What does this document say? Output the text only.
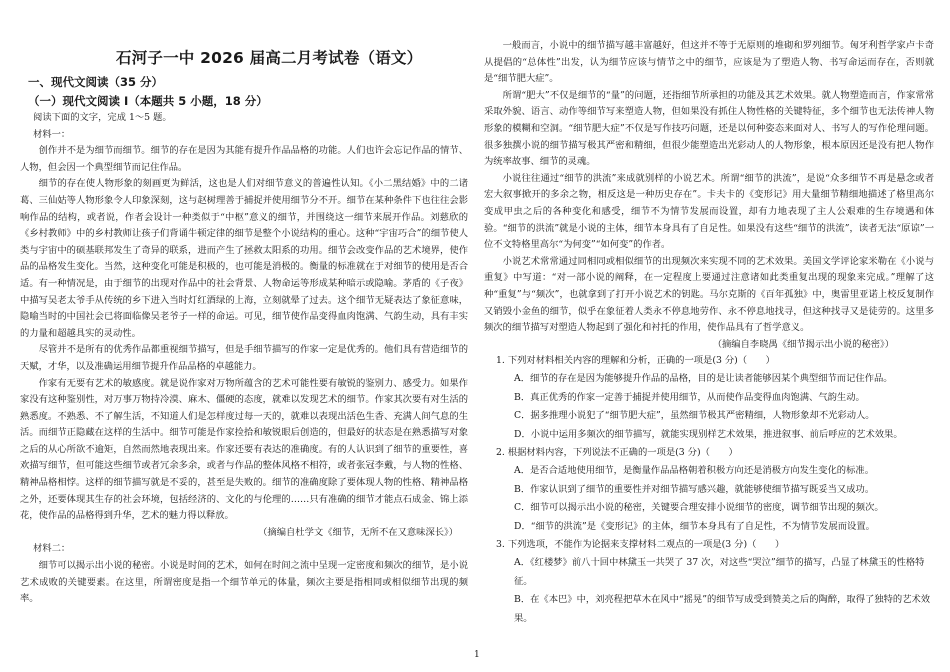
石河子一中 2026 届高二月考试卷（语文）
一、现代文阅读（35 分）
（一）现代文阅读 I（本题共 5 小题，18 分）

阅读下面的文字，完成 1～5 题。

材料一：

创作并不是为细节而细节。细节的存在是因为其能有提升作品品格的功能。人们也许会忘记作品的情节、人物，但会因一个典型细节而记住作品。

细节的存在使人物形象的刻画更为鲜活，这也是人们对细节意义的普遍性认知。《小二黑结婚》中的二诸葛、三仙姑等人物形象令人印象深刻，这与赵树理善于捕捉并使用细节分不开。细节在某种条件下也往往会影响作品的结构，或者说，作者会设计一种类似于“中枢”意义的细节，并围绕这一细节来展开作品。刘慈欣的《乡村教师》中的乡村教师让孩子们背诵牛顿定律的细节是整个小说结构的重心。这种“宇宙巧合”的细节使人类与宇宙中的硕基联邦发生了奇异的联系，进而产生了拯救太阳系的功用。细节会改变作品的艺术境界，使作品的品格发生变化。当然，这种变化可能是积极的，也可能是消极的。衡量的标准就在于对细节的使用是否合适。有一种情况是，由于细节的出现对作品中的社会背景、人物命运等形成某种暗示或隐喻。茅盾的《子夜》中描写吴老太爷手从传统的乡下进入当时灯红酒绿的上海，立刻就晕了过去。这个细节无疑表达了象征意味，隐喻当时的中国社会已将面临像吴老爷子一样的命运。可见，细节使作品变得血肉饱满、气韵生动，具有丰实的力量和超越具实的灵动性。

尽管并不是所有的优秀作品都重视细节描写，但是手细节描写的作家一定是优秀的。他们具有营造细节的天赋，才华，以及准确运用细节提升作品品格的卓越能力。

作家有无要有艺术的敏感度。就是说作家对万物所蕴含的艺术可能性要有敏锐的鉴别力、感受力。如果作家没有这种鉴别性，对万事万物持冷漠、麻木、僵硬的态度，就难以发现艺术的细节。作家其次要有对生活的熟悉度。不熟悉、不了解生活，不知道人们是怎样度过每一天的，就难以表现出活色生香、充满人间气息的生活。而细节正隐藏在这样的生活中。细节可能是作家捡拾和敏锐眼后创造的，但最好的状态是在熟悉描写对象之后的从心所欲不逾矩，自然而然地表现出来。作家还要有表达的准确度。有的人认识到了细节的重要性，喜欢描写细节，但可能这些细节或者冗余多余，或者与作品的整体风格不相符，或者张冠李戴，与人物的性格、精神品格相悖。这样的细节描写就是不妥的，甚至是失败的。细节的准确度除了要体现人物的性格、精神品格之外，还要体现其生存的社会环境，包括经济的、文化的与伦理的……只有准确的细节才能点石成金、锦上添花，使作品的品格得到升华，艺术的魅力得以释放。

（摘编自杜学文《细节，无所不在又意味深长》）

材料二：

细节可以揭示出小说的秘密。小说是时间的艺术，如何在时间之流中呈现一定密度和频次的细节，是小说艺术成败的关键要素。在这里，所谓密度是指一个细节单元的体量，频次主要是指相同或相似细节出现的频率。

一般而言，小说中的细节描写越丰富越好，但这并不等于无原则的堆砌和罗列细节。匈牙利哲学家卢卡奇从提倡的“总体性”出发，认为细节应该与情节之中的细节，应该是为了塑造人物、书写命运而存在，否则就是“细节肥大症”。

所谓“肥大”不仅是细节的“量”的问题，还指细节所承担的功能及其艺术效果。就人物塑造而言，作家常常采取外貌、语言、动作等细节写来塑造人物，但如果没有抓住人物性格的关键特征，多个细节也无法传神人物形象的模糊和空洞。“细节肥大症”不仅是写作技巧问题，还是以何种姿态来面对人、书写人的写作伦理问题。很多独撰小说的细节描写极其严密和精细，但很少能塑造出光彩动人的人物形象，根本原因还是没有把人物作为统率故事、细节的灵魂。

小说往往通过“细节的洪流”来成就别样的小说艺术。所谓“细节的洪流”，是说“众多细节不再是悬念或者宏大叙事掀开的多余之物，相反这是一种历史存在”。卡夫卡的《变形记》用大量细节精细地描述了格里高尔变成甲虫之后的各种变化和感受，细节不为情节发展而设置，却有力地表现了主人公艰难的生存境遇和体验。“细节的洪流”就是小说的主体，细节本身具有了自足性。如果没有这些“细节的洪流”，读者无法“原谅”一位不文特格里高尔“为何变”“如何变”的作者。

小说艺术常常通过同相同或相似细节的出现频次来实现不同的艺术效果。美国文学评论家米勒在《小说与重复》中写道：“对一部小说的阐释，在一定程度上要通过注意诸如此类重复出现的现象来完成。”理解了这种“重复”与“频次”，也就拿到了打开小说艺术的钥匙。马尔克斯的《百年孤独》中，奥雷里亚诺上校反复制作又销毁小金鱼的细节，似乎在象征着人类永不停息地劳作、永不停息地找寻，但这种找寻又是徒劳的。这里多频次的细节描写对塑造人物起到了强化和衬托的作用，使作品具有了哲学意义。

（摘编自李晓禺《细节揭示出小说的秘密》）

1. 下列对材料相关内容的理解和分析，正确的一项是(3 分)（　　）

A．细节的存在是因为能够提升作品的品格，目的是让读者能够因某个典型细节而记住作品。

B．真正优秀的作家一定善于捕捉并使用细节，从而使作品变得血肉饱满、气韵生动。

C．据多推理小说犯了“细节肥大症”，虽然细节极其严密精细，人物形象却不光彩动人。

D．小说中运用多频次的细节描写，就能实现别样艺术效果，推进叙事、前后呼应的艺术效果。

2. 根据材料内容，下列说法不正确的一项是(3 分)（　　）

A．是否合适地使用细节，是衡量作品品格朝着积极方向还是消极方向发生变化的标准。

B．作家认识到了细节的重要性并对细节描写感兴趣，就能够使细节描写既妥当又成功。

C．细节可以揭示出小说的秘密，关键要合理安排小说细节的密度，调节细节出现的频次。

D．“细节的洪流”是《变形记》的主体，细节本身具有了自足性，不为情节发展而设置。

3. 下列选项，不能作为论据来支撑材料二观点的一项是(3 分)（　　）

A．《红楼梦》前八十回中林黛玉一共哭了 37 次，对这些“哭泣”细节的描写，凸显了林黛玉的性格特征。

B．在《本巴》中，刘亮程把草木在风中“摇晃”的细节写成受到赞美之后的陶醉，取得了独特的艺术效果。

1
